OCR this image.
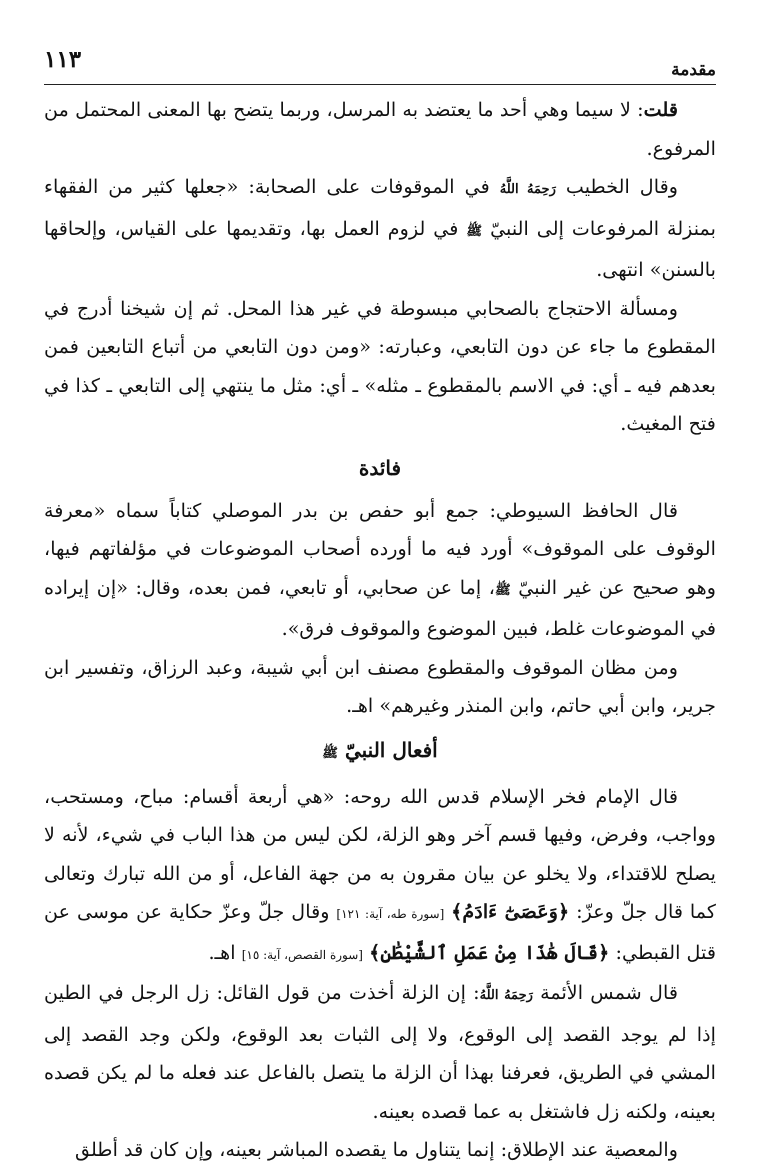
مقدمة
١١٣

قلت: لا سيما وهي أحد ما يعتضد به المرسل، وربما يتضح بها المعنى المحتمل من المرفوع.

وقال الخطيب رَحِمَهُ اللَّهُ في الموقوفات على الصحابة: «جعلها كثير من الفقهاء بمنزلة المرفوعات إلى النبيّ ﷺ في لزوم العمل بها، وتقديمها على القياس، وإلحاقها بالسنن» انتهى.

ومسألة الاحتجاج بالصحابي مبسوطة في غير هذا المحل. ثم إن شيخنا أدرج في المقطوع ما جاء عن دون التابعي، وعبارته: «ومن دون التابعي من أتباع التابعين فمن بعدهم فيه ـ أي: في الاسم بالمقطوع ـ مثله» ـ أي: مثل ما ينتهي إلى التابعي ـ كذا في فتح المغيث.

فائدة

قال الحافظ السيوطي: جمع أبو حفص بن بدر الموصلي كتاباً سماه «معرفة الوقوف على الموقوف» أورد فيه ما أورده أصحاب الموضوعات في مؤلفاتهم فيها، وهو صحيح عن غير النبيّ ﷺ، إما عن صحابي، أو تابعي، فمن بعده، وقال: «إن إيراده في الموضوعات غلط، فبين الموضوع والموقوف فرق».

ومن مظان الموقوف والمقطوع مصنف ابن أبي شيبة، وعبد الرزاق، وتفسير ابن جرير، وابن أبي حاتم، وابن المنذر وغيرهم» اهـ.

أفعال النبيّ ﷺ

قال الإمام فخر الإسلام قدس الله روحه: «هي أربعة أقسام: مباح، ومستحب، وواجب، وفرض، وفيها قسم آخر وهو الزلة، لكن ليس من هذا الباب في شيء، لأنه لا يصلح للاقتداء، ولا يخلو عن بيان مقرون به من جهة الفاعل، أو من الله تبارك وتعالى كما قال جلّ وعزّ: ﴿وَعَصَىٰٓ ءَادَمُ﴾ [سورة طه، آية: ١٢١] وقال جلّ وعزّ حكاية عن موسى عن قتل القبطي: ﴿قَالَ هَٰذَا مِنْ عَمَلِ ٱلشَّيْطَٰنِ﴾ [سورة القصص، آية: ١٥] اهـ.

قال شمس الأئمة رَحِمَهُ اللَّهُ: إن الزلة أخذت من قول القائل: زل الرجل في الطين إذا لم يوجد القصد إلى الوقوع، ولا إلى الثبات بعد الوقوع، ولكن وجد القصد إلى المشي في الطريق، فعرفنا بهذا أن الزلة ما يتصل بالفاعل عند فعله ما لم يكن قصده بعينه، ولكنه زل فاشتغل به عما قصده بعينه.

والمعصية عند الإطلاق: إنما يتناول ما يقصده المباشر بعينه، وإن كان قد أطلق
